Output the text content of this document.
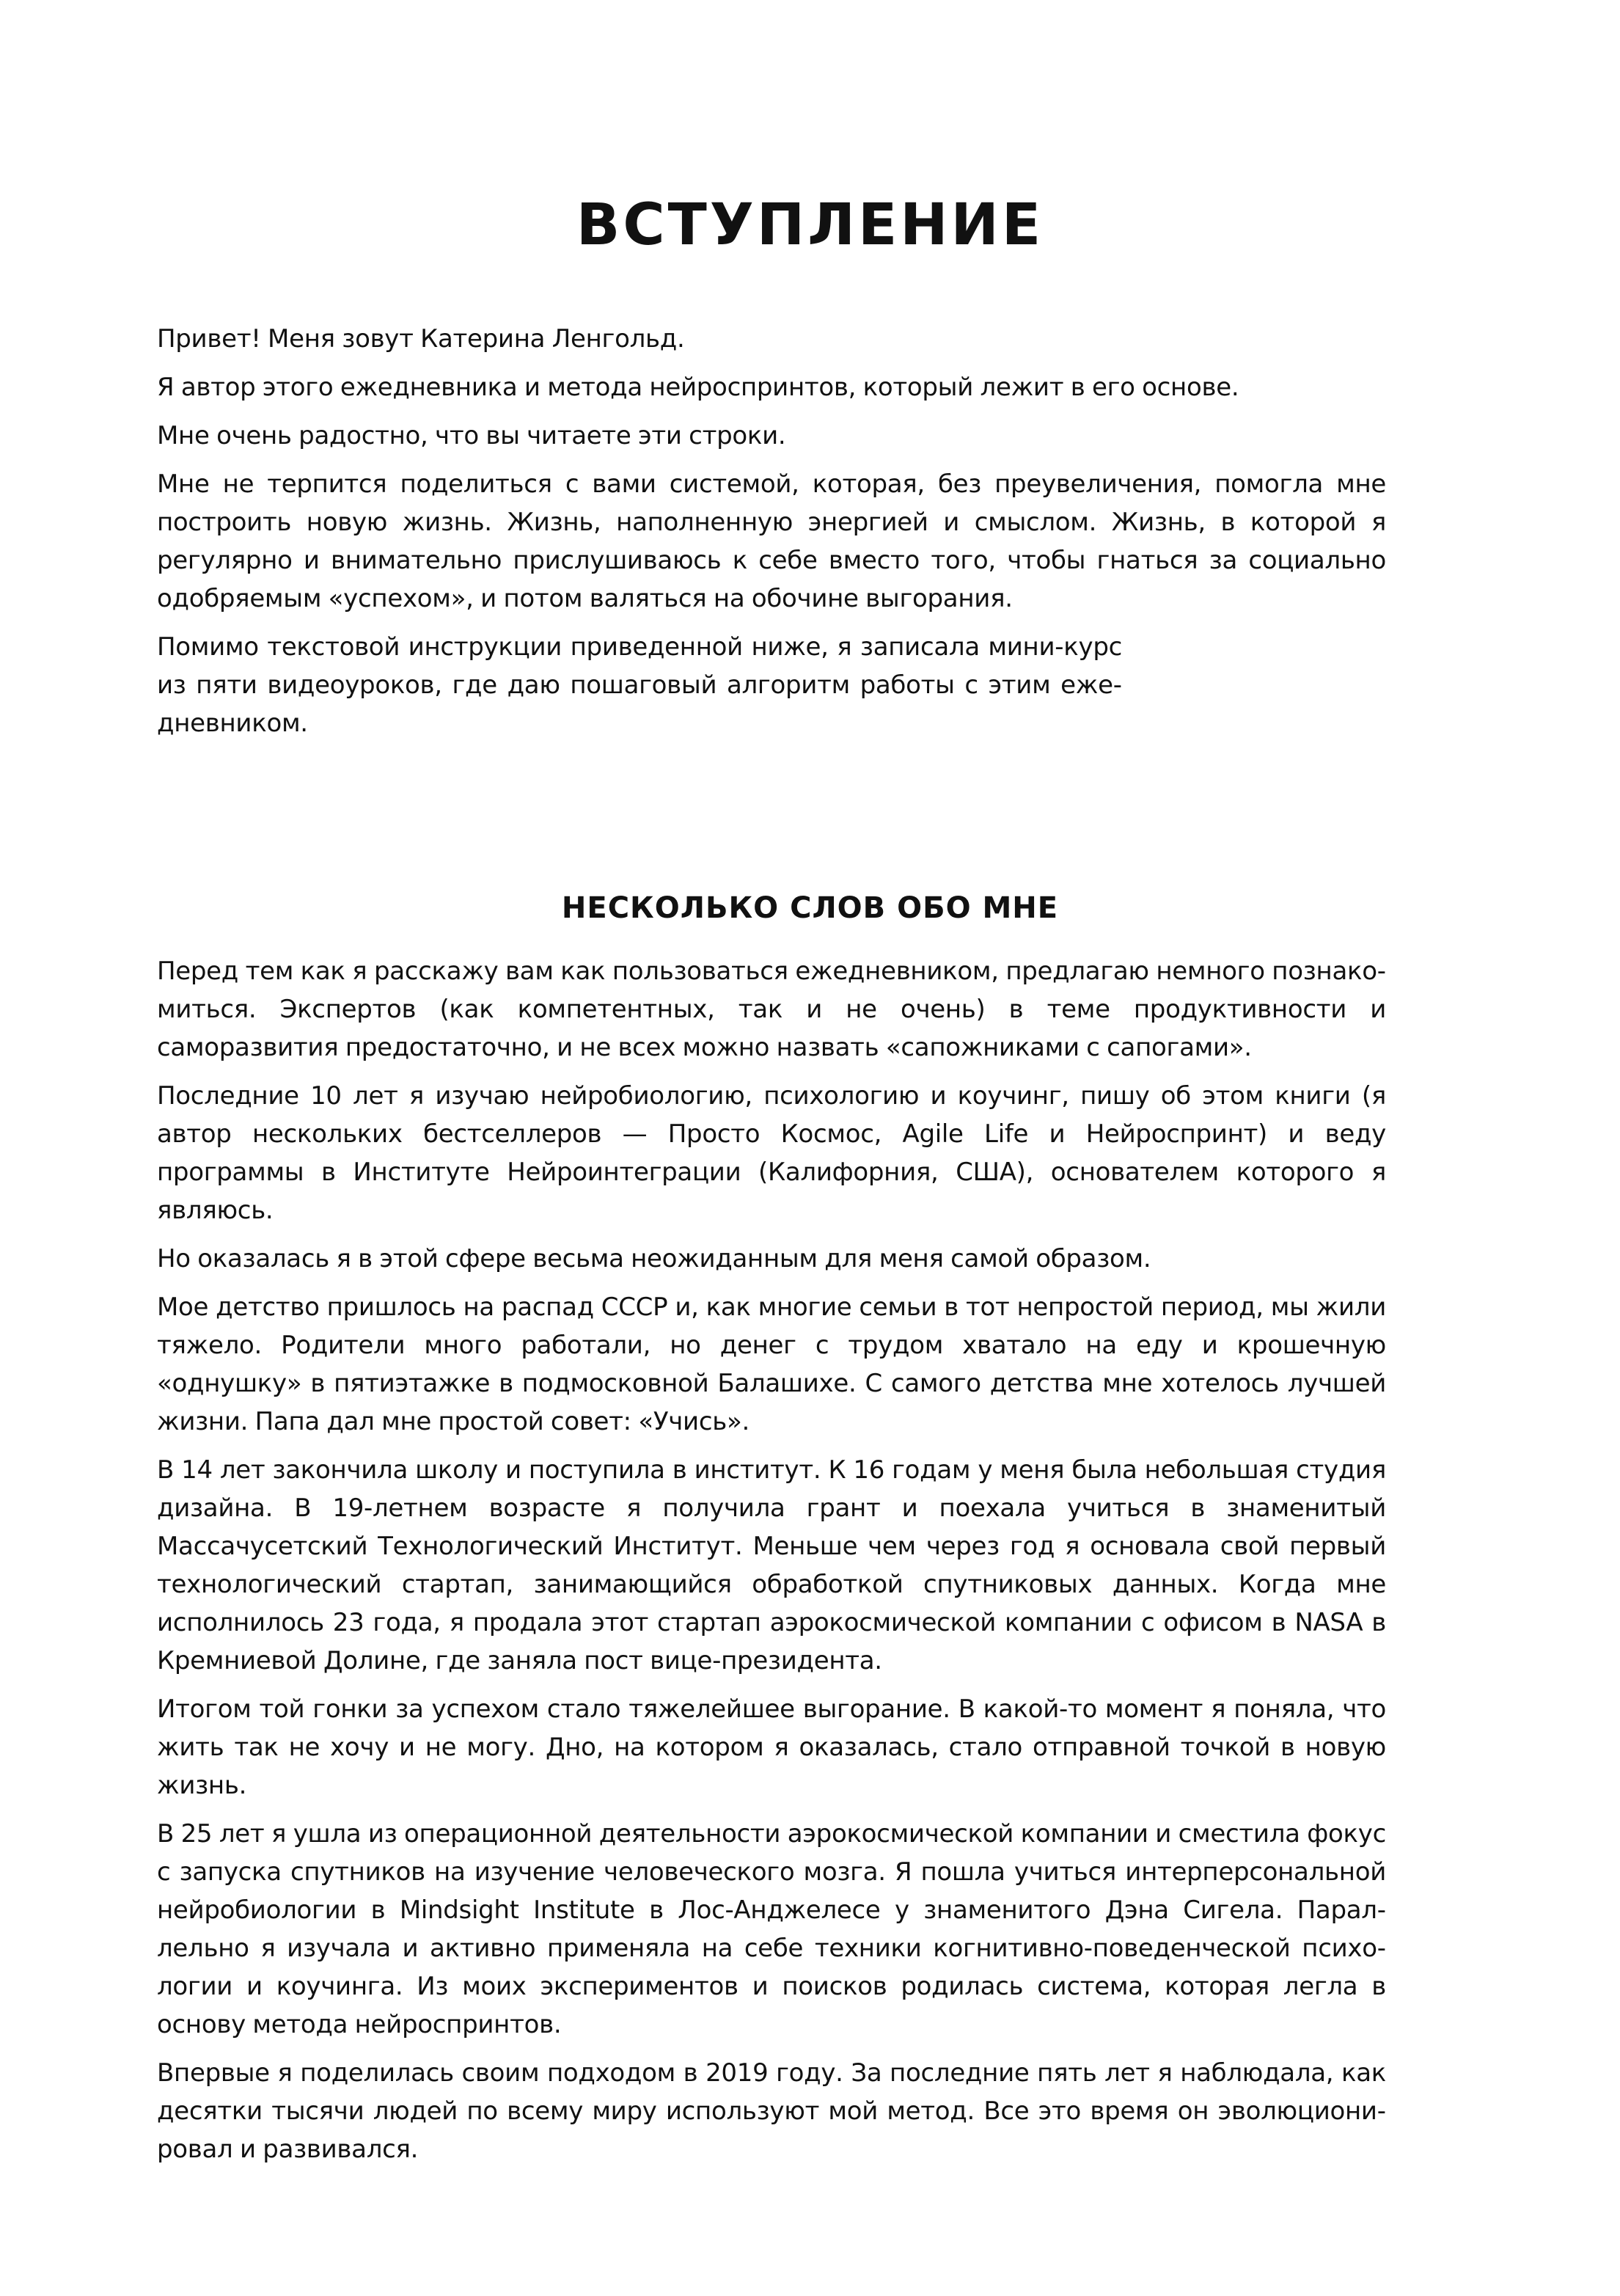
ВСТУПЛЕНИЕ

Привет! Меня зовут Катерина Ленгольд.

Я автор этого ежедневника и метода нейроспринтов, который лежит в его основе.

Мне очень радостно, что вы читаете эти строки.

Мне не терпится поделиться с вами системой, которая, без преувеличения, помогла мне построить новую жизнь. Жизнь, наполненную энергией и смыслом. Жизнь, в которой я регулярно и внимательно прислушиваюсь к себе вместо того, чтобы гнаться за социально одобряемым «успехом», и потом валяться на обочине выгорания.

Помимо текстовой инструкции приведенной ниже, я записала мини-курс из пяти видеоуроков, где даю пошаговый алгоритм работы с этим ежедневником.

НЕСКОЛЬКО СЛОВ ОБО МНЕ

Перед тем как я расскажу вам как пользоваться ежедневником, предлагаю немного познакомиться. Экспертов (как компетентных, так и не очень) в теме продуктивности и саморазвития предостаточно, и не всех можно назвать «сапожниками с сапогами».

Последние 10 лет я изучаю нейробиологию, психологию и коучинг, пишу об этом книги (я автор нескольких бестселлеров — Просто Космос, Agile Life и Нейроспринт) и веду программы в Институте Нейроинтеграции (Калифорния, США), основателем которого я являюсь.

Но оказалась я в этой сфере весьма неожиданным для меня самой образом.

Мое детство пришлось на распад СССР и, как многие семьи в тот непростой период, мы жили тяжело. Родители много работали, но денег с трудом хватало на еду и крошечную «однушку» в пятиэтажке в подмосковной Балашихе. С самого детства мне хотелось лучшей жизни. Папа дал мне простой совет: «Учись».

В 14 лет закончила школу и поступила в институт. К 16 годам у меня была небольшая студия дизайна. В 19-летнем возрасте я получила грант и поехала учиться в знаменитый Массачусетский Технологический Институт. Меньше чем через год я основала свой первый технологический стартап, занимающийся обработкой спутниковых данных. Когда мне исполнилось 23 года, я продала этот стартап аэрокосмической компании с офисом в NASA в Кремниевой Долине, где заняла пост вице-президента.

Итогом той гонки за успехом стало тяжелейшее выгорание. В какой-то момент я поняла, что жить так не хочу и не могу. Дно, на котором я оказалась, стало отправной точкой в новую жизнь.

В 25 лет я ушла из операционной деятельности аэрокосмической компании и сместила фокус с запуска спутников на изучение человеческого мозга. Я пошла учиться интерперсональной нейробиологии в Mindsight Institute в Лос-Анджелесе у знаменитого Дэна Сигела. Параллельно я изучала и активно применяла на себе техники когнитивно-поведенческой психологии и коучинга. Из моих экспериментов и поисков родилась система, которая легла в основу метода нейроспринтов.

Впервые я поделилась своим подходом в 2019 году. За последние пять лет я наблюдала, как десятки тысячи людей по всему миру используют мой метод. Все это время он эволюционировал и развивался.
